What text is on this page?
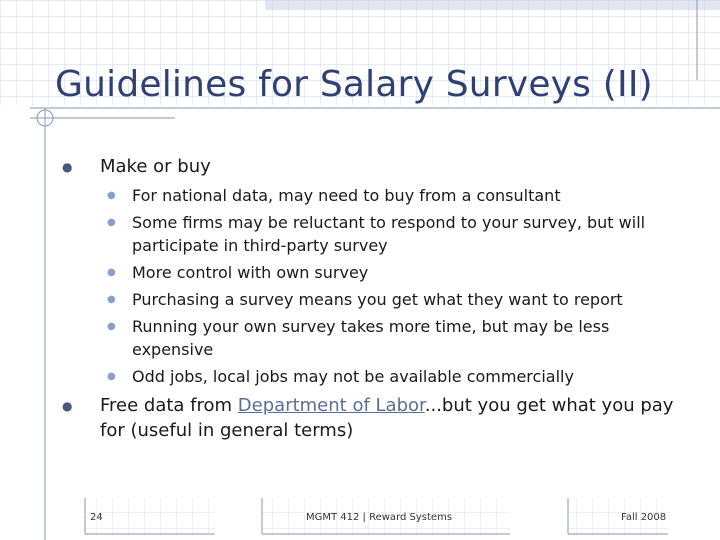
Guidelines for Salary Surveys (II)
● Make or buy
● For national data, may need to buy from a consultant
● Some firms may be reluctant to respond to your survey, but will
participate in third-party survey
● More control with own survey
● Purchasing a survey means you get what they want to report
● Running your own survey takes more time, but may be less
expensive
● Odd jobs, local jobs may not be available commercially
● Free data from Department of Labor...but you get what you pay
for (useful in general terms)
24	MGMT 412 | Reward Systems	Fall 2008
